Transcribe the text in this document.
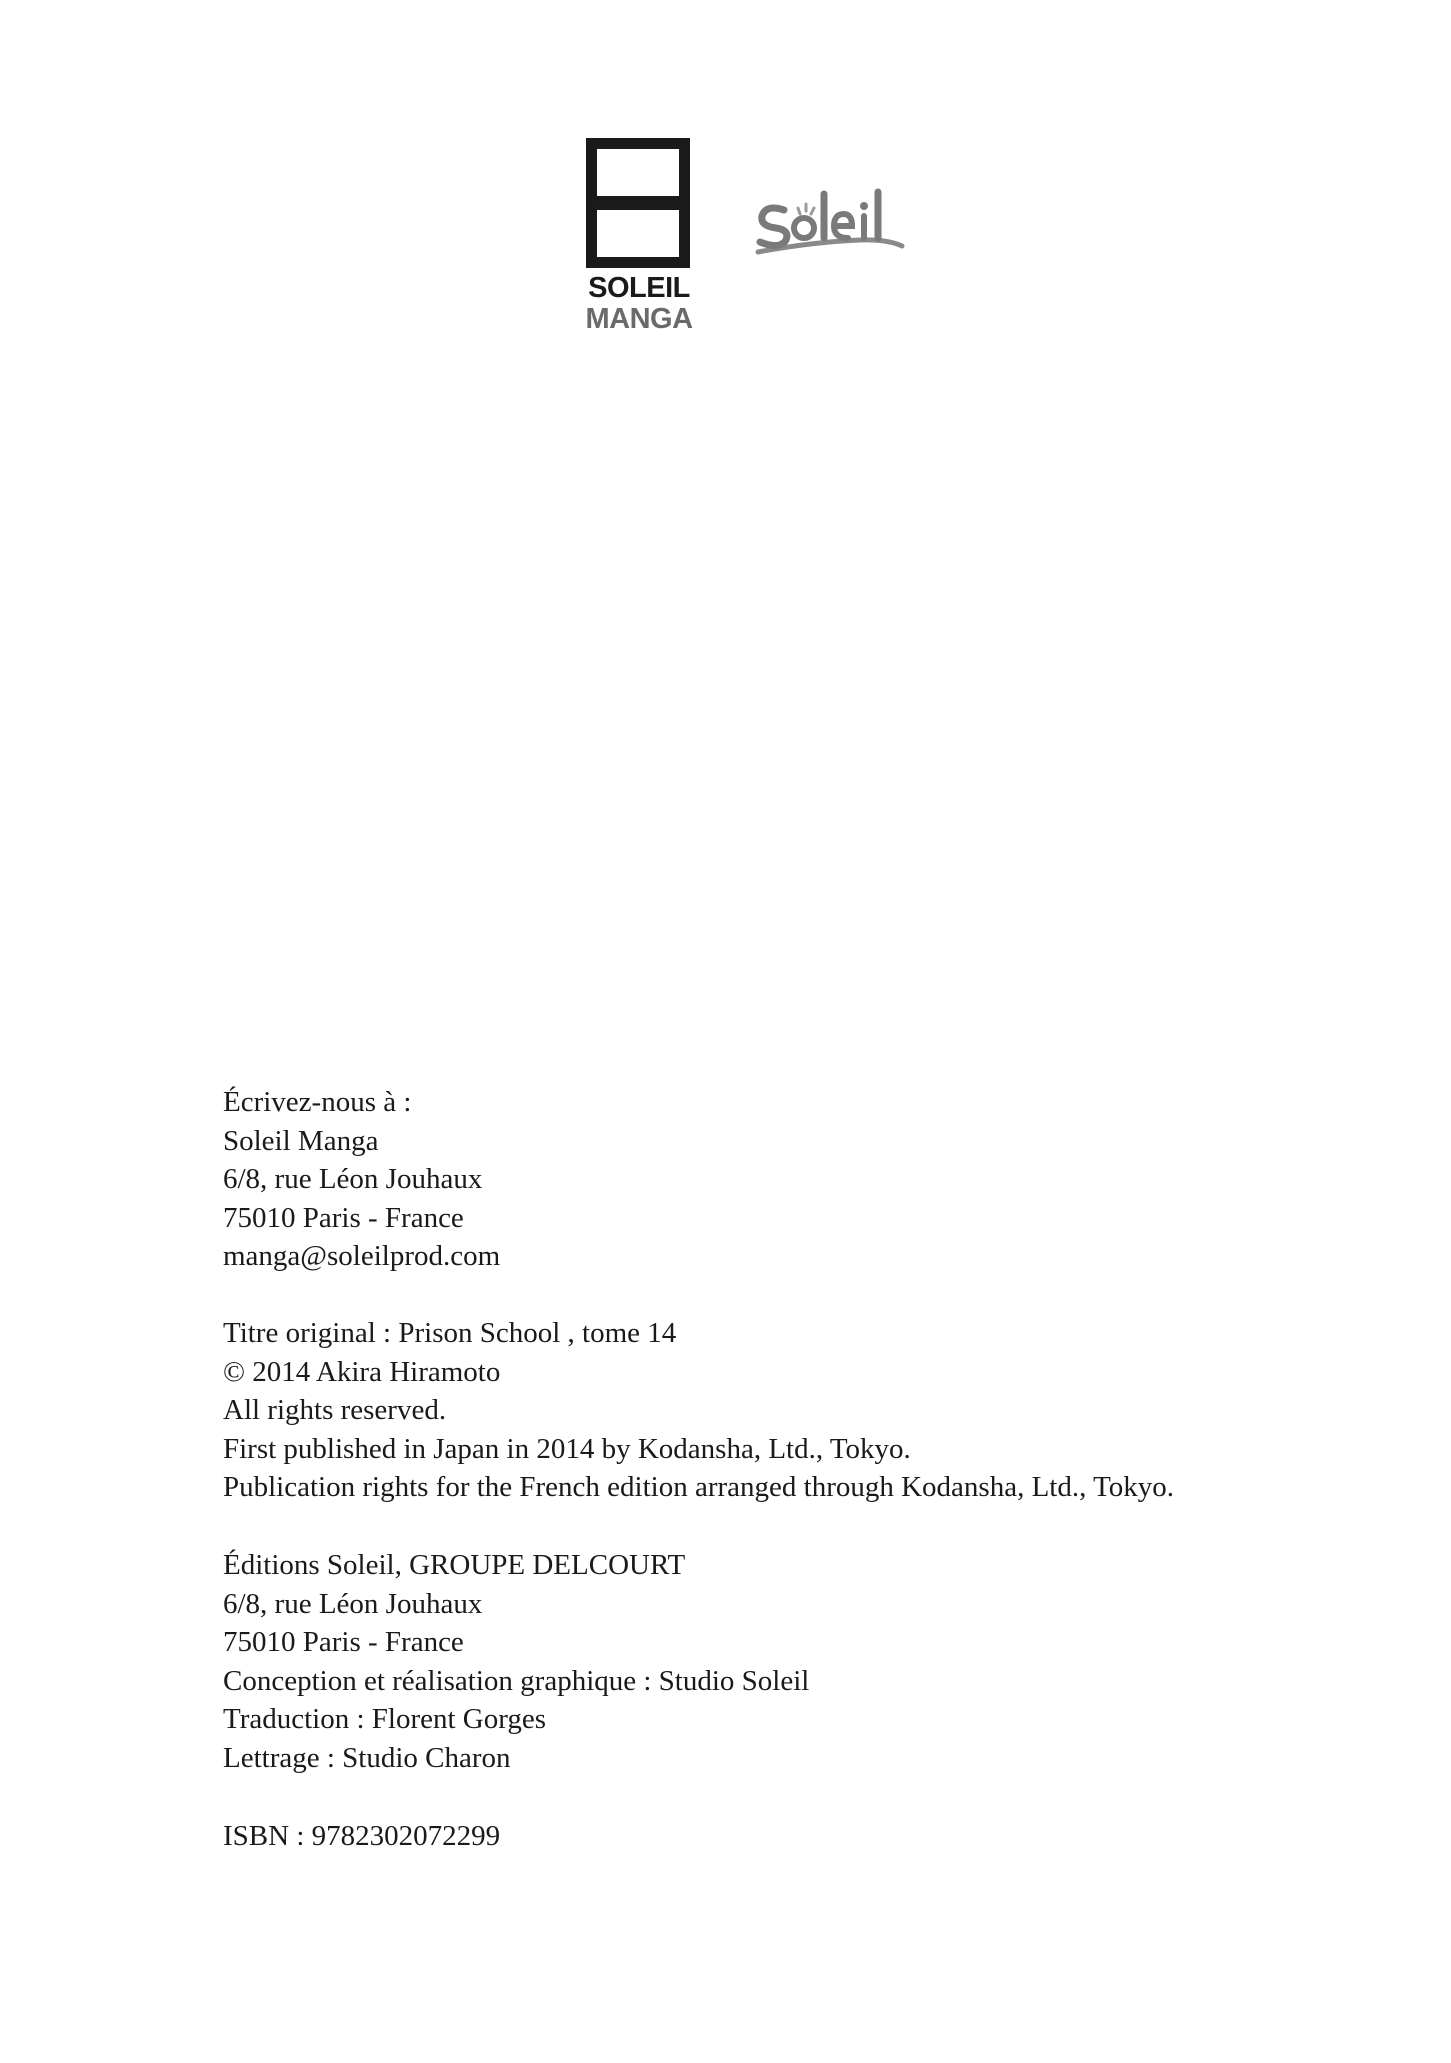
SOLEIL
MANGA
Écrivez-nous à :
Soleil Manga
6/8, rue Léon Jouhaux
75010 Paris - France
manga@soleilprod.com
Titre original : Prison School , tome 14
© 2014 Akira Hiramoto
All rights reserved.
First published in Japan in 2014 by Kodansha, Ltd., Tokyo.
Publication rights for the French edition arranged through Kodansha, Ltd., Tokyo.
Éditions Soleil, GROUPE DELCOURT
6/8, rue Léon Jouhaux
75010 Paris - France
Conception et réalisation graphique : Studio Soleil
Traduction : Florent Gorges
Lettrage : Studio Charon
ISBN : 9782302072299
